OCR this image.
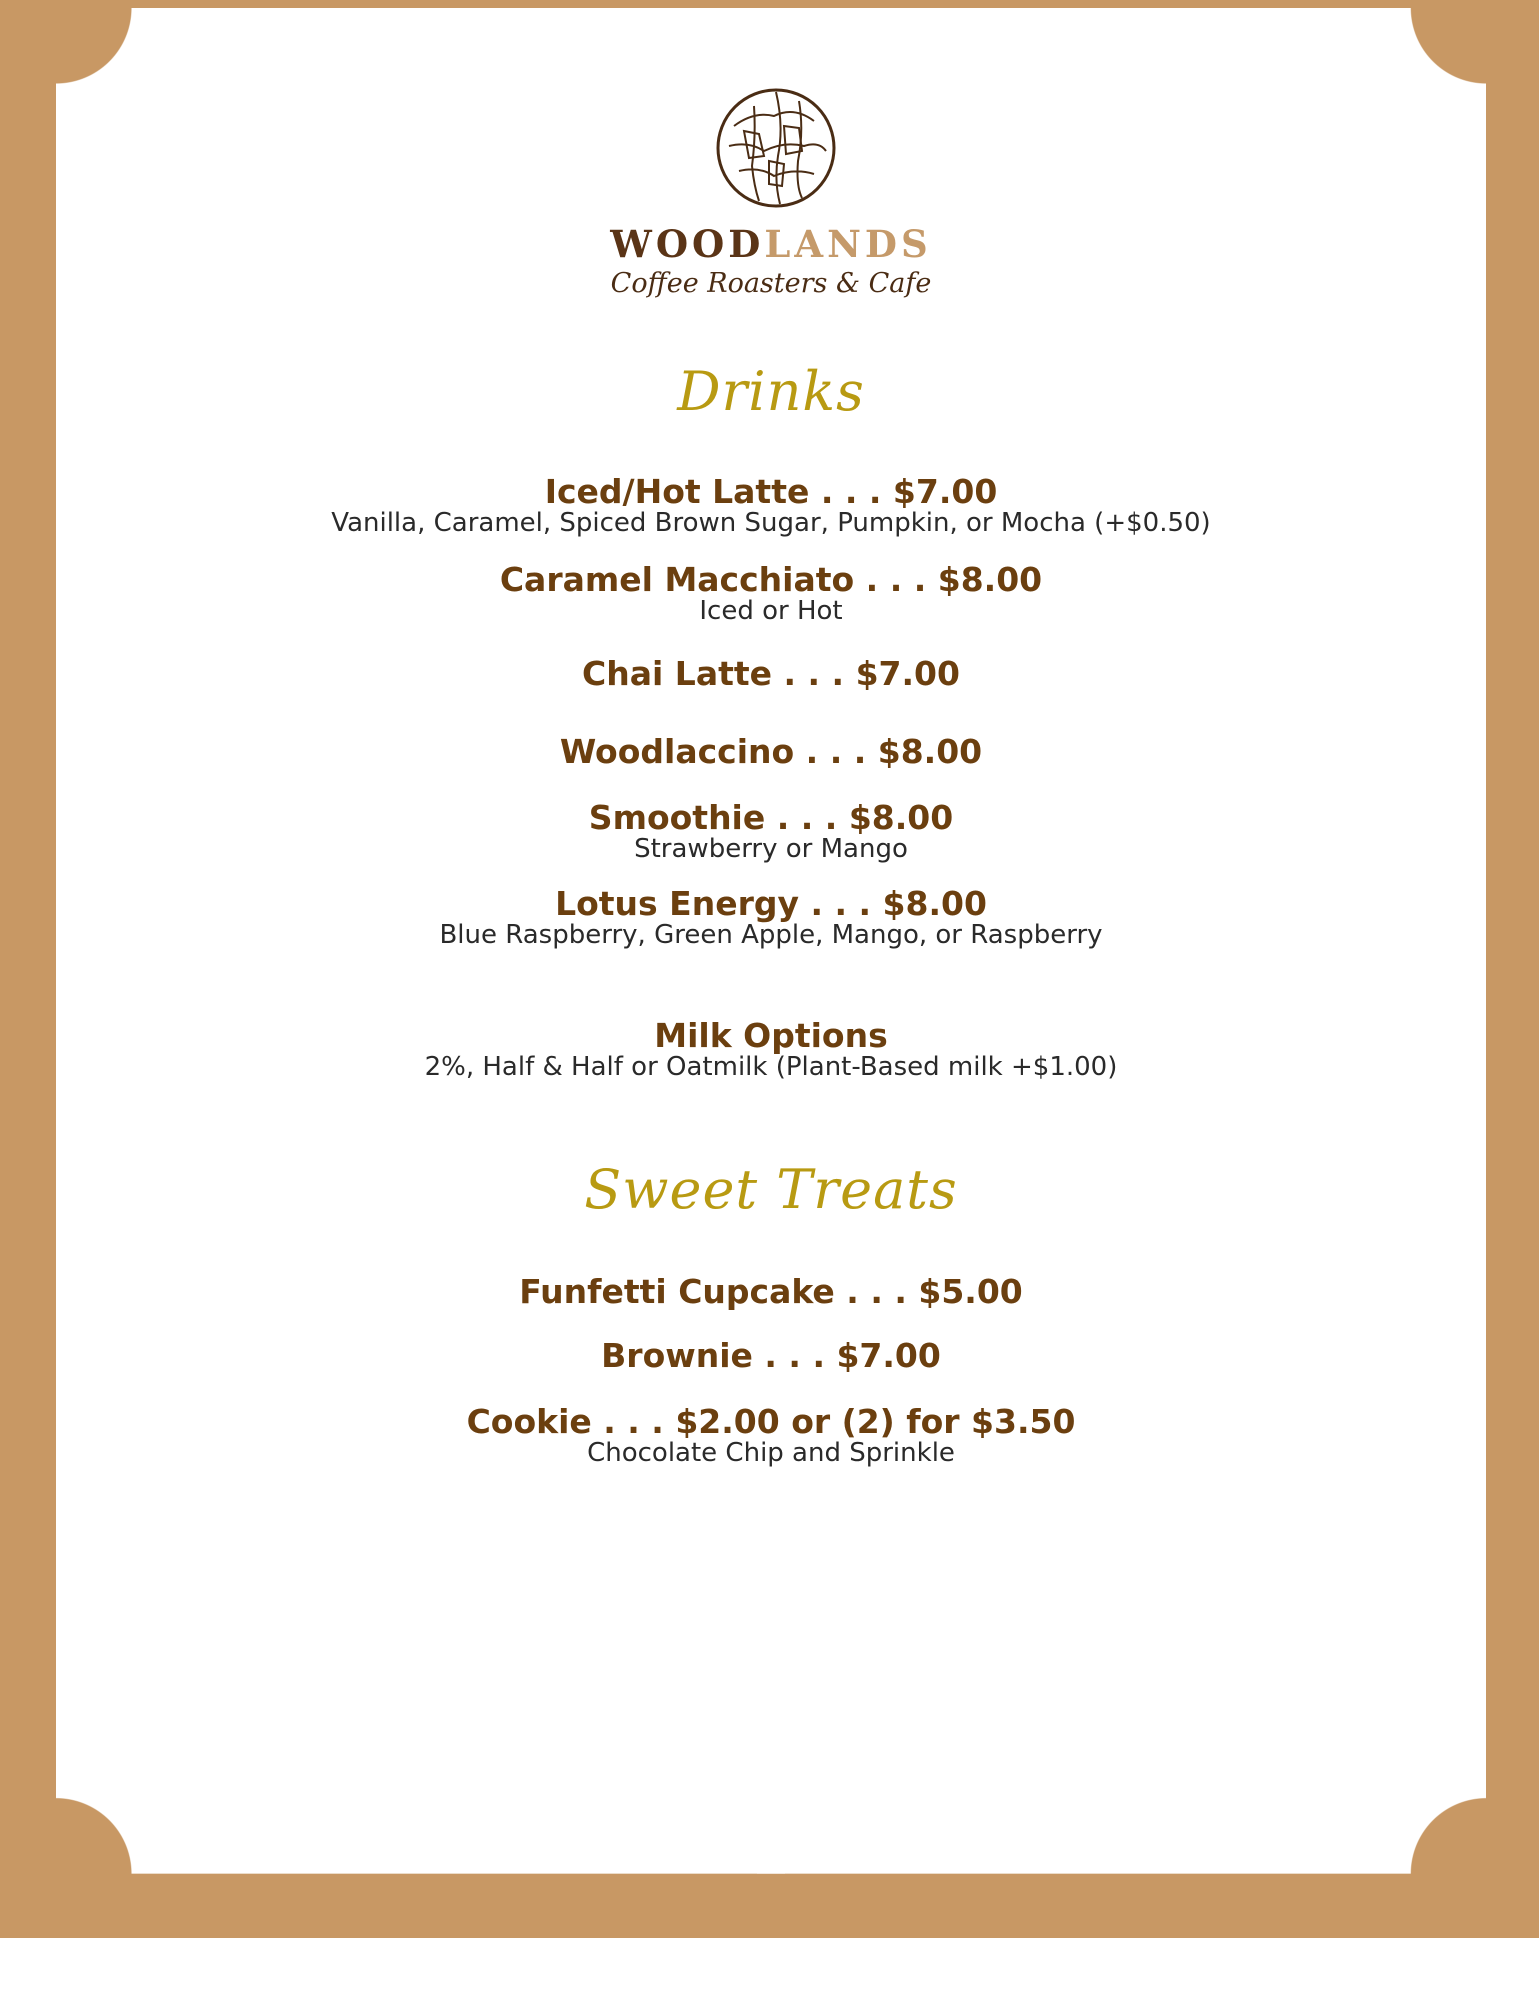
WOODLANDS
Coffee Roasters & Cafe
Drinks
Iced/Hot Latte . . . $7.00
Vanilla, Caramel, Spiced Brown Sugar, Pumpkin, or Mocha (+$0.50)
Caramel Macchiato . . . $8.00
Iced or Hot
Chai Latte . . . $7.00
Woodlaccino . . . $8.00
Smoothie . . . $8.00
Strawberry or Mango
Lotus Energy . . . $8.00
Blue Raspberry, Green Apple, Mango, or Raspberry
Milk Options
2%, Half & Half or Oatmilk (Plant-Based milk +$1.00)
Sweet Treats
Funfetti Cupcake . . . $5.00
Brownie . . . $7.00
Cookie . . . $2.00 or (2) for $3.50
Chocolate Chip and Sprinkle
